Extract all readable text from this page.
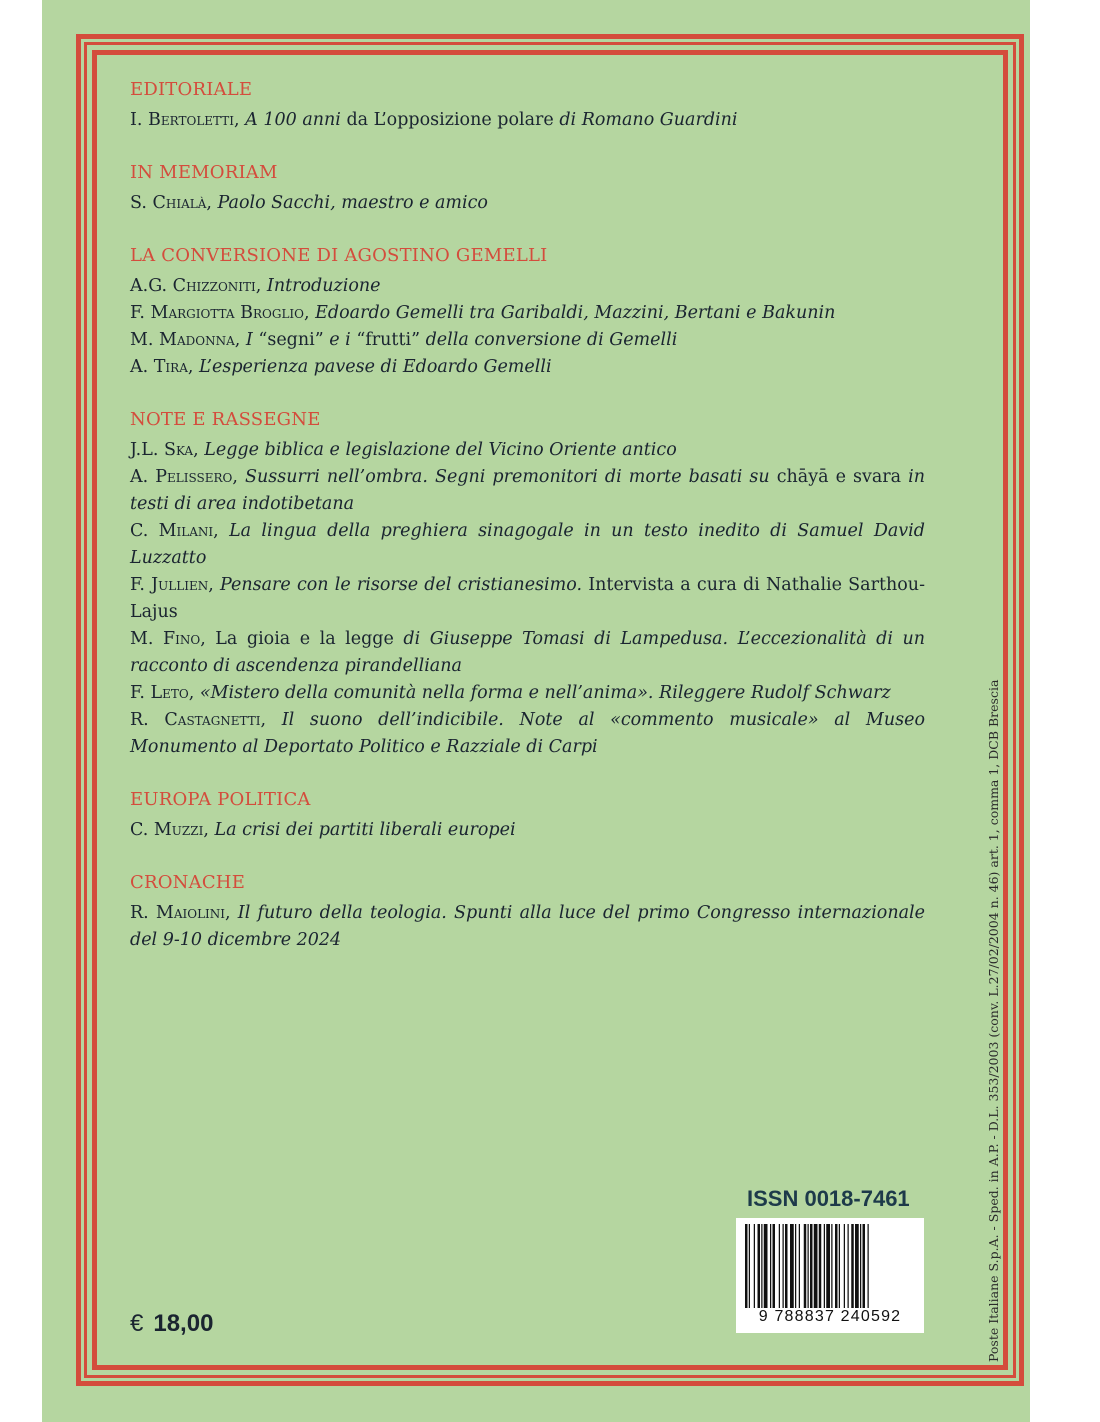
EDITORIALE

I. Bertoletti, A 100 anni da L’opposizione polare di Romano Guardini

IN MEMORIAM

S. Chialà, Paolo Sacchi, maestro e amico

LA CONVERSIONE DI AGOSTINO GEMELLI

A.G. Chizzoniti, Introduzione

F. Margiotta Broglio, Edoardo Gemelli tra Garibaldi, Mazzini, Bertani e Bakunin

M. Madonna, I “segni” e i “frutti” della conversione di Gemelli

A. Tira, L’esperienza pavese di Edoardo Gemelli

NOTE E RASSEGNE

J.L. Ska, Legge biblica e legislazione del Vicino Oriente antico

A. Pelissero, Sussurri nell’ombra. Segni premonitori di morte basati su chāyā e svara in testi di area indotibetana

C. Milani, La lingua della preghiera sinagogale in un testo inedito di Samuel David Luzzatto

F. Jullien, Pensare con le risorse del cristianesimo. Intervista a cura di Nathalie Sarthou-Lajus

M. Fino, La gioia e la legge di Giuseppe Tomasi di Lampedusa. L’eccezionalità di un racconto di ascendenza pirandelliana

F. Leto, «Mistero della comunità nella forma e nell’anima». Rileggere Rudolf Schwarz

R. Castagnetti, Il suono dell’indicibile. Note al «commento musicale» al Museo Monumento al Deportato Politico e Razziale di Carpi

EUROPA POLITICA

C. Muzzi, La crisi dei partiti liberali europei

CRONACHE

R. Maiolini, Il futuro della teologia. Spunti alla luce del primo Congresso internazionale del 9-10 dicembre 2024

ISSN 0018-7461
9 788837 240592
€ 18,00	Poste Italiane S.p.A. - Sped. in A.P. - D.L. 353/2003 (conv. L.27/02/2004 n. 46) art. 1, comma 1, DCB Brescia
